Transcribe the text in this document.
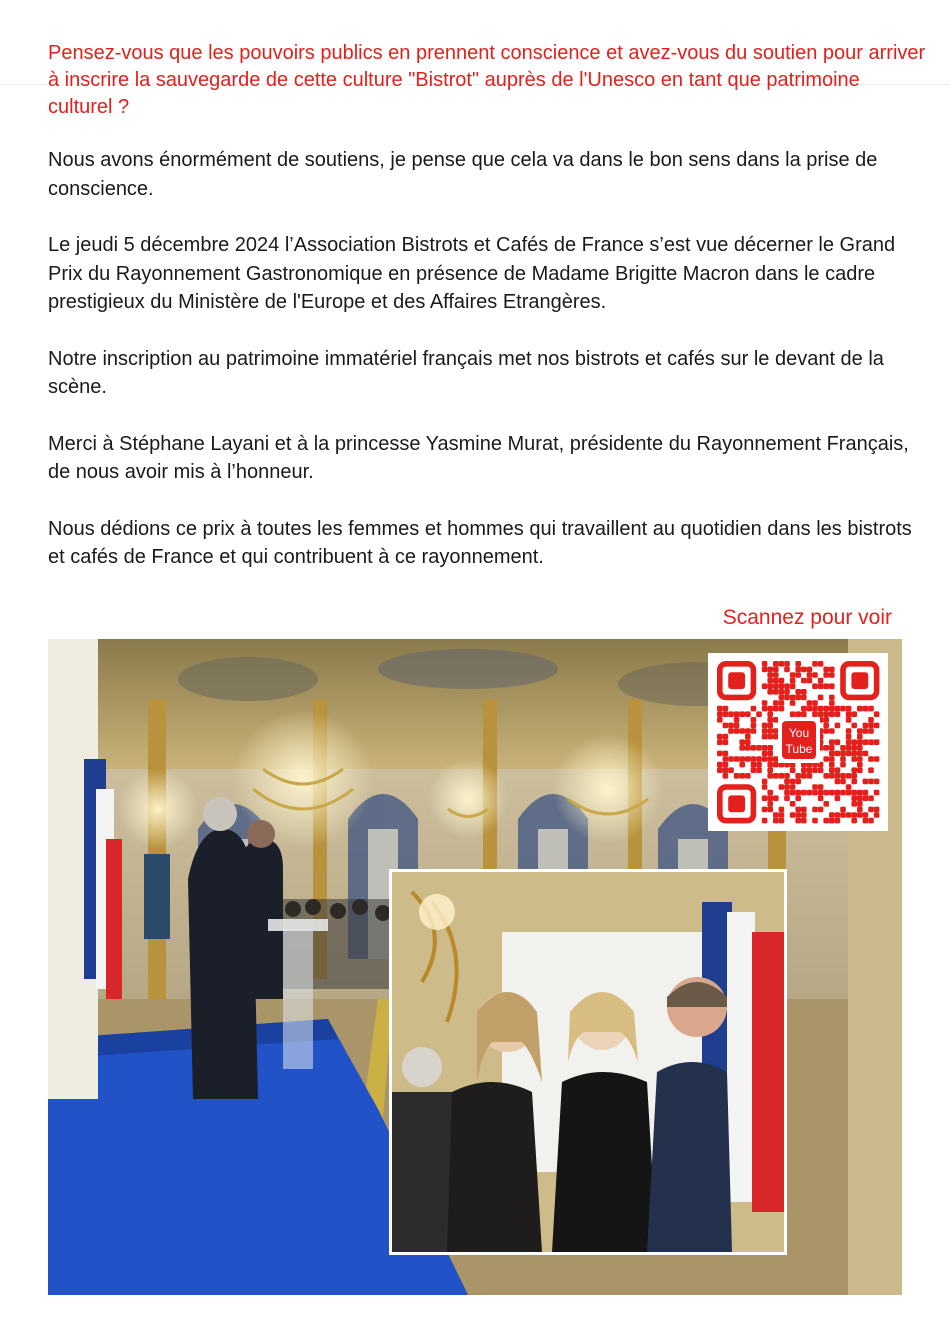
Pensez-vous que les pouvoirs publics en prennent conscience et avez-vous du soutien pour arriver à inscrire la sauvegarde de cette culture "Bistrot" auprès de l'Unesco en tant que patrimoine culturel ?

Nous avons énormément de soutiens, je pense que cela va dans le bon sens dans la prise de conscience.

Le jeudi 5 décembre 2024 l’Association Bistrots et Cafés de France s’est vue décerner le Grand Prix du Rayonnement Gastronomique en présence de Madame Brigitte Macron dans le cadre prestigieux du Ministère de l'Europe et des Affaires Etrangères.

Notre inscription au patrimoine immatériel français met nos bistrots et cafés sur le devant de la scène.

Merci à Stéphane Layani et à la princesse Yasmine Murat, présidente du Rayonnement Français, de nous avoir mis à l’honneur.

Nous dédions ce prix à toutes les femmes et hommes qui travaillent au quotidien dans les bistrots et cafés de France et qui contribuent à ce rayonnement.

Scannez pour voir
You
Tube
